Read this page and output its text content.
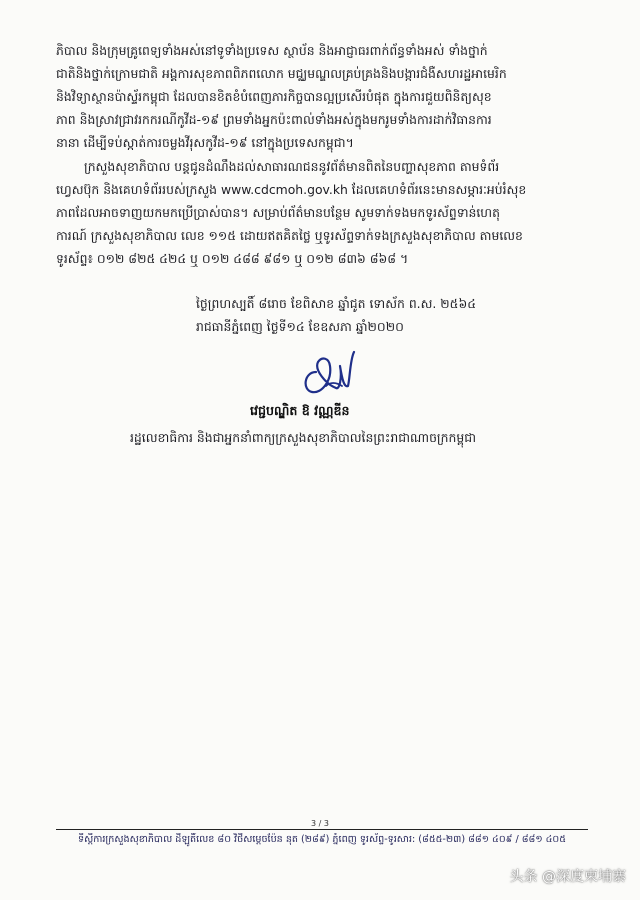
ភិបាល និងក្រុមគ្រូពេទ្យទាំងអស់នៅទូទាំងប្រទេស ស្ថាប័ន និងអាជ្ញាធរពាក់ព័ន្ធទាំងអស់ ទាំងថ្នាក់
ជាតិនិងថ្នាក់ក្រោមជាតិ អង្គការសុខភាពពិភពលោក មជ្ឈមណ្ឌលគ្រប់គ្រងនិងបង្ការជំងឺសហរដ្ឋអាមេរិក
និងវិទ្យាស្ថានប៉ាស្ទ័រកម្ពុជា ដែលបានខិតខំបំពេញភារកិច្ចបានល្អប្រសើរបំផុត ក្នុងការជួយពិនិត្យសុខ
ភាព និងស្រាវជ្រាវរកករណីកូវីដ-១៩ ព្រមទាំងអ្នកប៉ះពាល់ទាំងអស់ក្នុងមករូមទាំងការដាក់វិធានការ
នានា ដើម្បីទប់ស្កាត់ការចម្លងវីរុសកូវីដ-១៩ នៅក្នុងប្រទេសកម្ពុជា។
ក្រសួងសុខាភិបាល បន្តជូនដំណឹងដល់សាធារណជននូវព័ត៌មានពិតនៃបញ្ហាសុខភាព តាមទំព័រ
ហ្វេសប៊ុក និងគេហទំព័ររបស់ក្រសួង www.cdcmoh.gov.kh ដែលគេហទំព័រនេះមានសម្ភារៈអប់រំសុខ
ភាពដែលអាចទាញយកមកប្រើប្រាស់បាន។ សម្រាប់ព័ត៌មានបន្ថែម សូមទាក់ទងមកទូរស័ព្ទទាន់ហេតុ
ការណ៍ ក្រសួងសុខាភិបាល លេខ ១១៥ ដោយឥតគិតថ្លៃ ឬទូរស័ព្ទទាក់ទងក្រសួងសុខាភិបាល តាមលេខ
ទូរស័ព្ទ៖ ០១២ ៨២៥ ៤២៤ ឬ ០១២ ៤៨៨ ៩៨១ ឬ ០១២ ៨៣៦ ៨៦៨ ។
ថ្ងៃព្រហស្បតិ៍ ៨រោច ខែពិសាខ ឆ្នាំជូត ទោស័ក ព.ស. ២៥៦៤
រាជធានីភ្នំពេញ ថ្ងៃទី១៤ ខែឧសភា ឆ្នាំ២០២០
វេជ្ជបណ្ឌិត ឱ វណ្ណឌីន
រដ្ឋលេខាធិការ និងជាអ្នកនាំពាក្យក្រសួងសុខាភិបាលនៃព្រះរាជាណាចក្រកម្ពុជា
3 / 3
ទីស្តីការក្រសួងសុខាភិបាល ដីឡូតិ៍លេខ ៨០ វិថីសម្តេចប៉ែន នុត (២៨៩) ភ្នំពេញ ទូរស័ព្ទ-ទូរសារ: (៨៥៥-២៣) ៨៨១ ៤០៩ / ៨៨១ ៤០៥
头条 @深度柬埔寨
